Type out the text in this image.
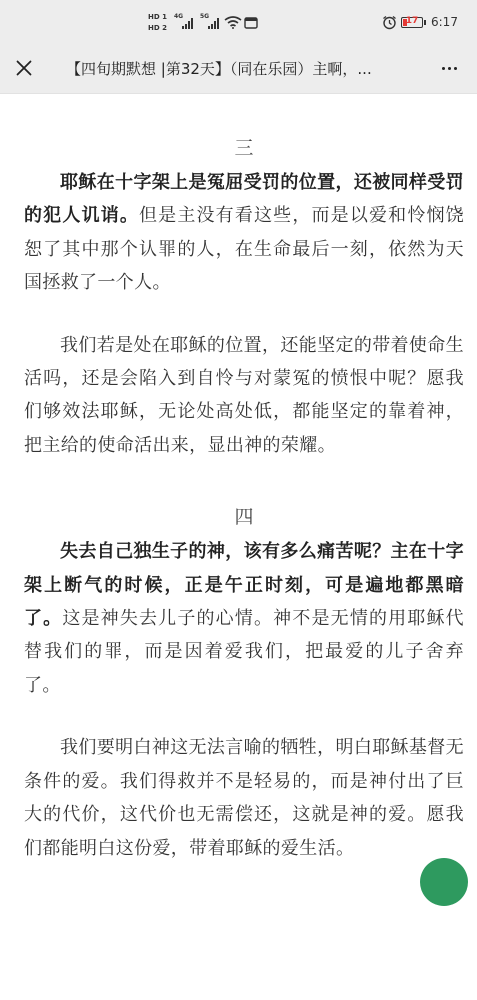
HD 1
HD 2
4G	5G	17	6:17
【四旬期默想 |第32天】（同在乐园）主啊，...
三

耶稣在十字架上是冤屈受罚的位置，还被同样受罚的犯人讥诮。但是主没有看这些，而是以爱和怜悯饶恕了其中那个认罪的人，在生命最后一刻，依然为天国拯救了一个人。

我们若是处在耶稣的位置，还能坚定的带着使命生活吗，还是会陷入到自怜与对蒙冤的愤恨中呢？愿我们够效法耶稣，无论处高处低，都能坚定的靠着神，把主给的使命活出来，显出神的荣耀。

四

失去自己独生子的神，该有多么痛苦呢？主在十字架上断气的时候，正是午正时刻，可是遍地都黑暗了。这是神失去儿子的心情。神不是无情的用耶稣代替我们的罪，而是因着爱我们，把最爱的儿子舍弃了。

我们要明白神这无法言喻的牺牲，明白耶稣基督无条件的爱。我们得救并不是轻易的，而是神付出了巨大的代价，这代价也无需偿还，这就是神的爱。愿我们都能明白这份爱，带着耶稣的爱生活。
